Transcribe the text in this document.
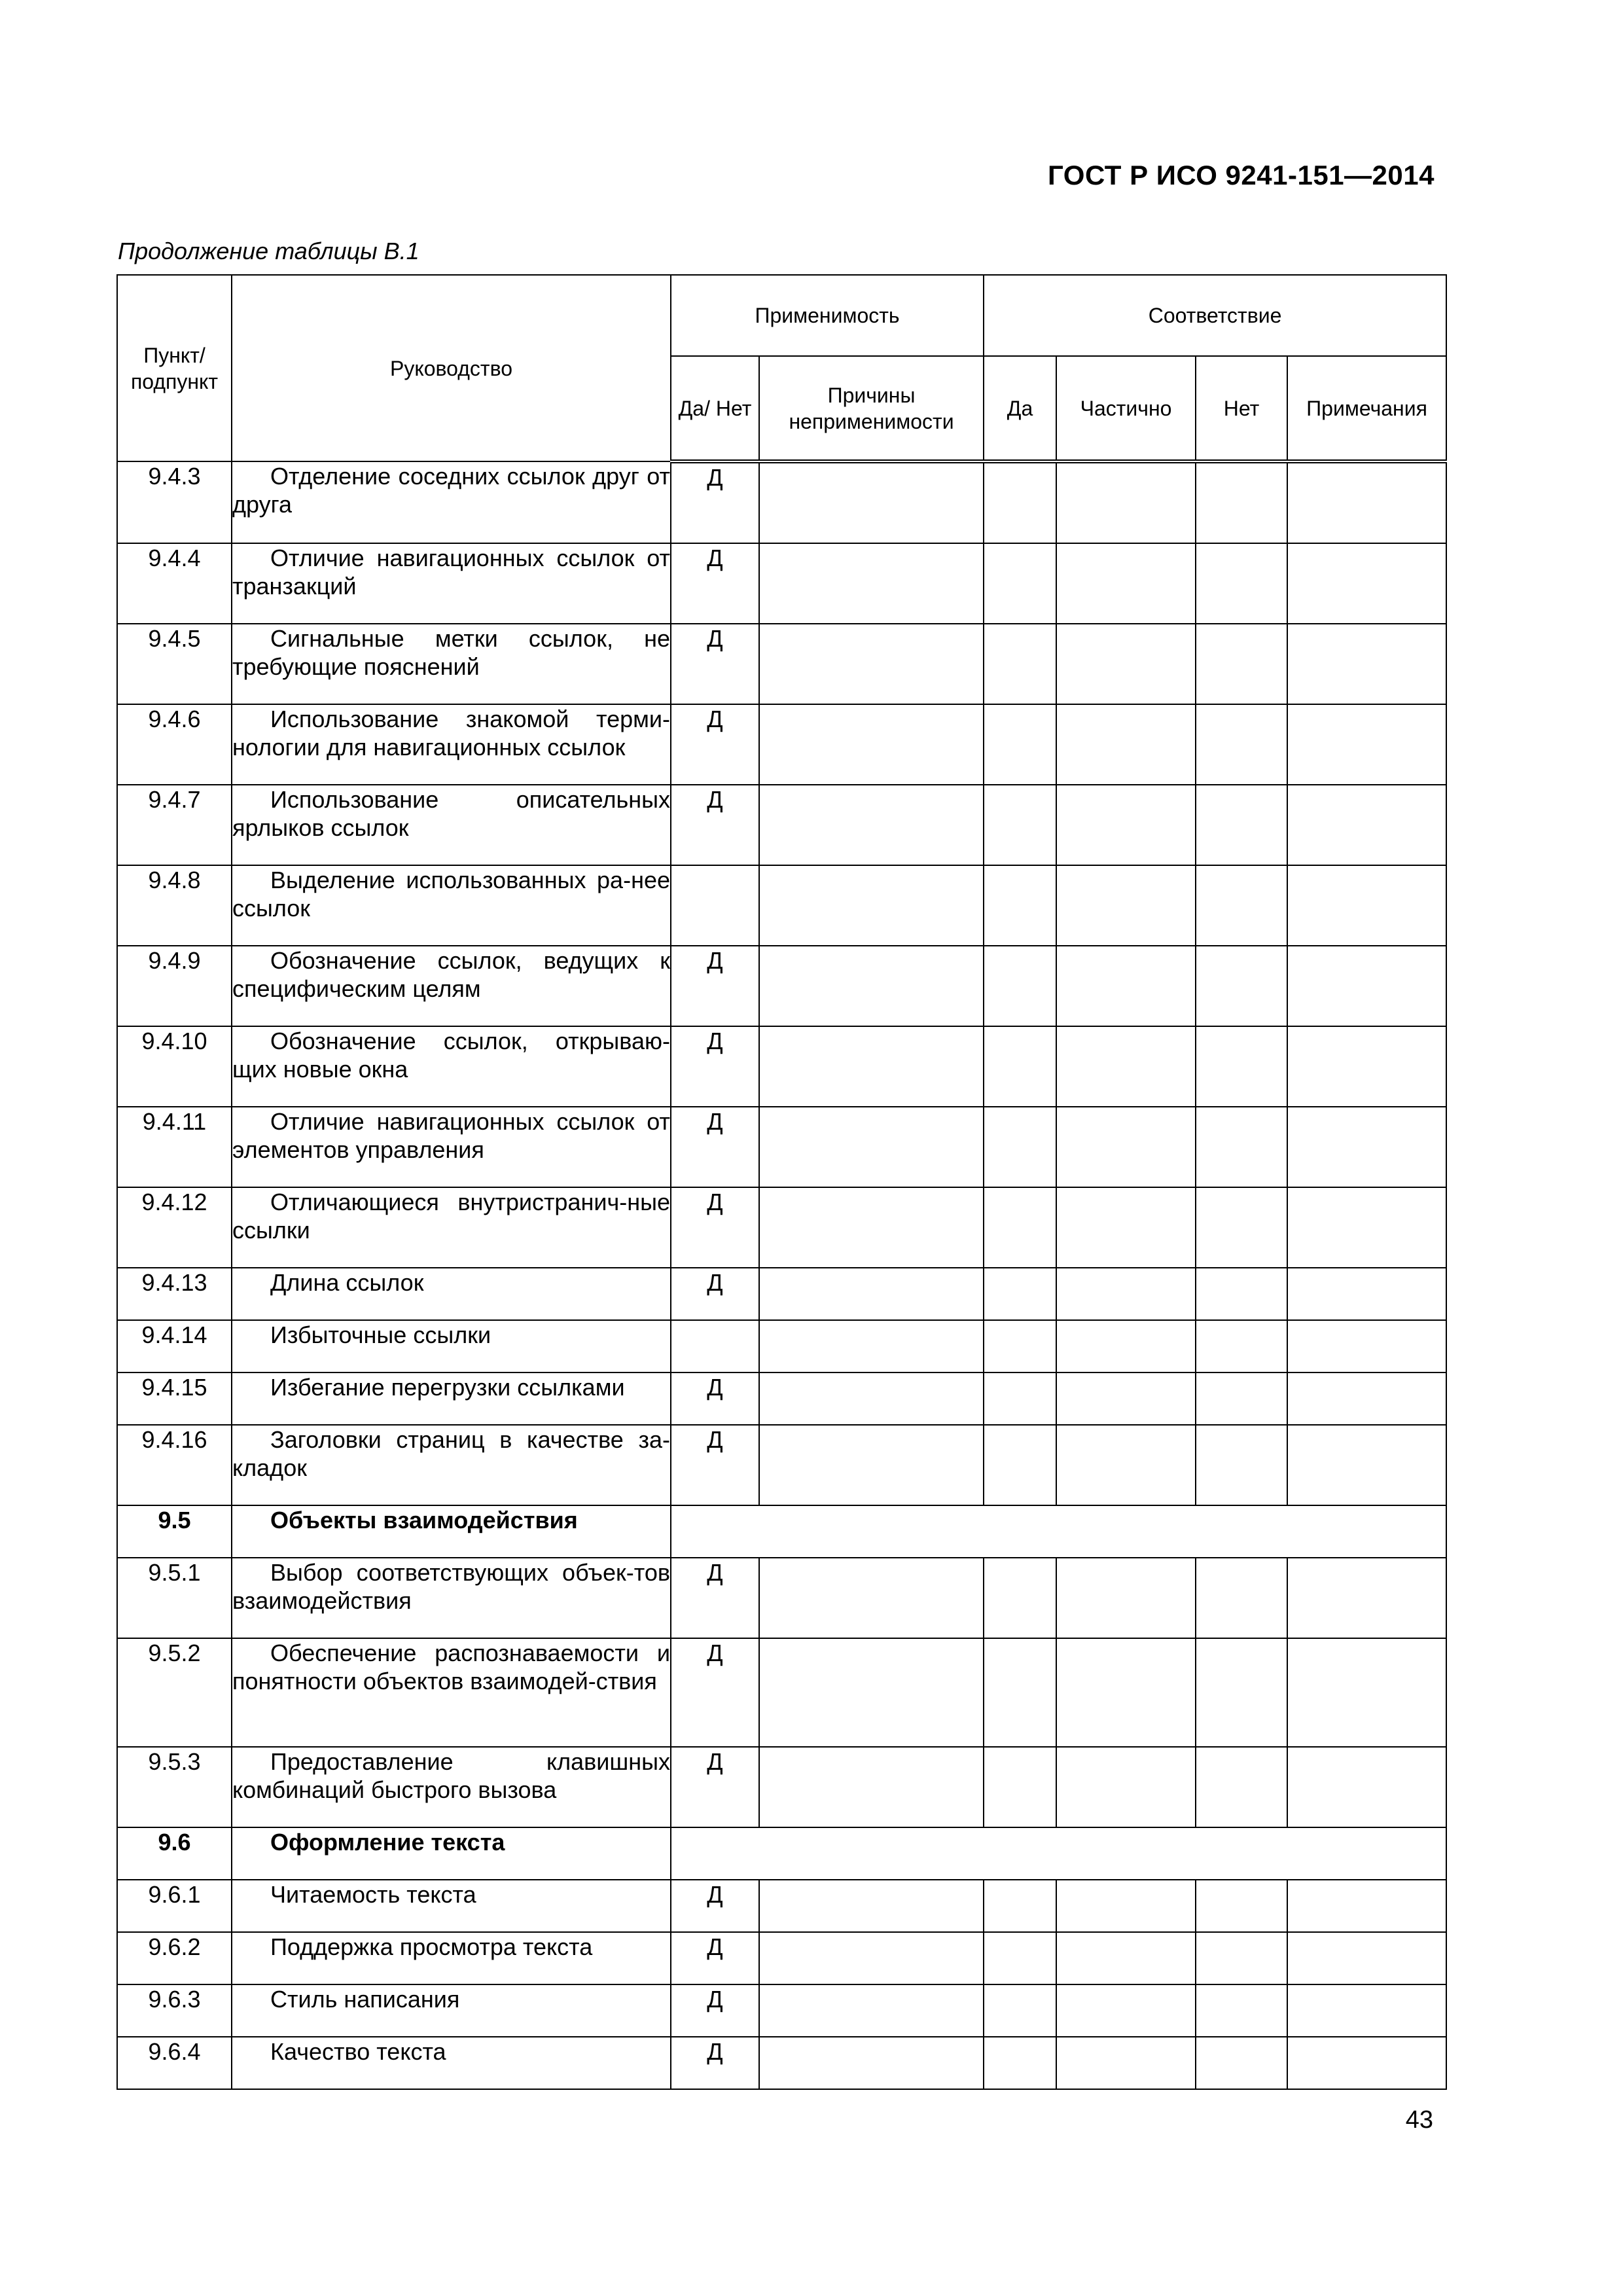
ГОСТ Р ИСО 9241-151—2014
Продолжение таблицы В.1
Пункт/ подпункт	Руководство	Применимость		Соответствие			
		Да/ Нет	Причины неприменимости	Да	Частично	Нет	Примечания
9.4.3	Отделение соседних ссылок друг от друга	Д					
9.4.4	Отличие навигационных ссылок от транзакций	Д					
9.4.5	Сигнальные метки ссылок, не требующие пояснений	Д					
9.4.6	Использование знакомой терми-нологии для навигационных ссылок	Д					
9.4.7	Использование описательных ярлыков ссылок	Д					
9.4.8	Выделение использованных ра-нее ссылок						
9.4.9	Обозначение ссылок, ведущих к специфическим целям	Д					
9.4.10	Обозначение ссылок, открываю-щих новые окна	Д					
9.4.11	Отличие навигационных ссылок от элементов управления	Д					
9.4.12	Отличающиеся внутристранич-ные ссылки	Д					
9.4.13	Длина ссылок	Д					
9.4.14	Избыточные ссылки						
9.4.15	Избегание перегрузки ссылками	Д					
9.4.16	Заголовки страниц в качестве за-кладок	Д					
9.5	Объекты взаимодействия						
9.5.1	Выбор соответствующих объек-тов взаимодействия	Д					
9.5.2	Обеспечение распознаваемости и понятности объектов взаимодей-ствия	Д					
9.5.3	Предоставление клавишных комбинаций быстрого вызова	Д					
9.6	Оформление текста						
9.6.1	Читаемость текста	Д					
9.6.2	Поддержка просмотра текста	Д					
9.6.3	Стиль написания	Д					
9.6.4	Качество текста	Д					
43
